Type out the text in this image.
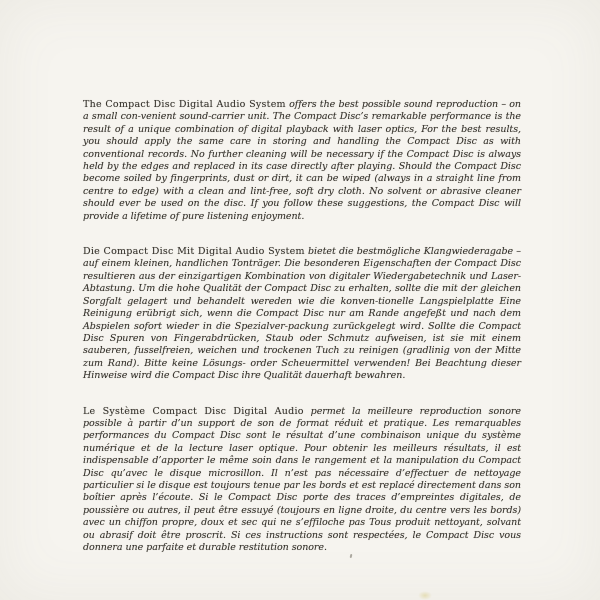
The Compact Disc Digital Audio System offers the best possible sound reproduction – on a small con-venient sound-carrier unit. The Compact Disc’s remarkable performance is the result of a unique combination of digital playback with laser optics, For the best results, you should apply the same care in storing and handling the Compact Disc as with conventional records. No further cleaning will be necessary if the Compact Disc is always held by the edges and replaced in its case directly after playing. Should the Compact Disc become soiled by fingerprints, dust or dirt, it can be wiped (always in a straight line from centre to edge) with a clean and lint-free, soft dry cloth. No solvent or abrasive cleaner should ever be used on the disc. If you follow these suggestions, the Compact Disc will provide a lifetime of pure listening enjoyment.

Die Compact Disc Mit Digital Audio System bietet die bestmögliche Klangwiederagabe – auf einem kleinen, handlichen Tonträger. Die besonderen Eigenschaften der Compact Disc resultieren aus der einzigartigen Kombination von digitaler Wiedergabetechnik und Laser-Abtastung. Um die hohe Qualität der Compact Disc zu erhalten, sollte die mit der gleichen Sorgfalt gelagert und behandelt wereden wie die konven-tionelle Langspielplatte Eine Reinigung erübrigt sich, wenn die Compact Disc nur am Rande angefeßt und nach dem Abspielen sofort wieder in die Spezialver-packung zurückgelegt wird. Sollte die Compact Disc Spuren von Fingerabdrücken, Staub oder Schmutz aufweisen, ist sie mit einem sauberen, fusselfreien, weichen und trockenen Tuch zu reinigen (gradlinig von der Mitte zum Rand). Bitte keine Lösungs- order Scheuermittel verwenden! Bei Beachtung dieser Hinweise wird die Compact Disc ihre Qualität dauerhaft bewahren.

Le Système Compact Disc Digital Audio permet la meilleure reproduction sonore possible à partir d’un support de son de format réduit et pratique. Les remarquables performances du Compact Disc sont le résultat d’une combinaison unique du système numérique et de la lecture laser optique. Pour obtenir les meilleurs résultats, il est indispensable d’apporter le même soin dans le rangement et la manipulation du Compact Disc qu’avec le disque microsillon. Il n’est pas nécessaire d’effectuer de nettoyage particulier si le disque est toujours tenue par les bords et est replacé directement dans son boîtier après l’écoute. Si le Compact Disc porte des traces d’empreintes digitales, de poussière ou autres, il peut être essuyé (toujours en ligne droite, du centre vers les bords) avec un chiffon propre, doux et sec qui ne s’effiloche pas Tous produit nettoyant, solvant ou abrasif doit être proscrit. Si ces instructions sont respectées, le Compact Disc vous donnera une parfaite et durable restitution sonore.
